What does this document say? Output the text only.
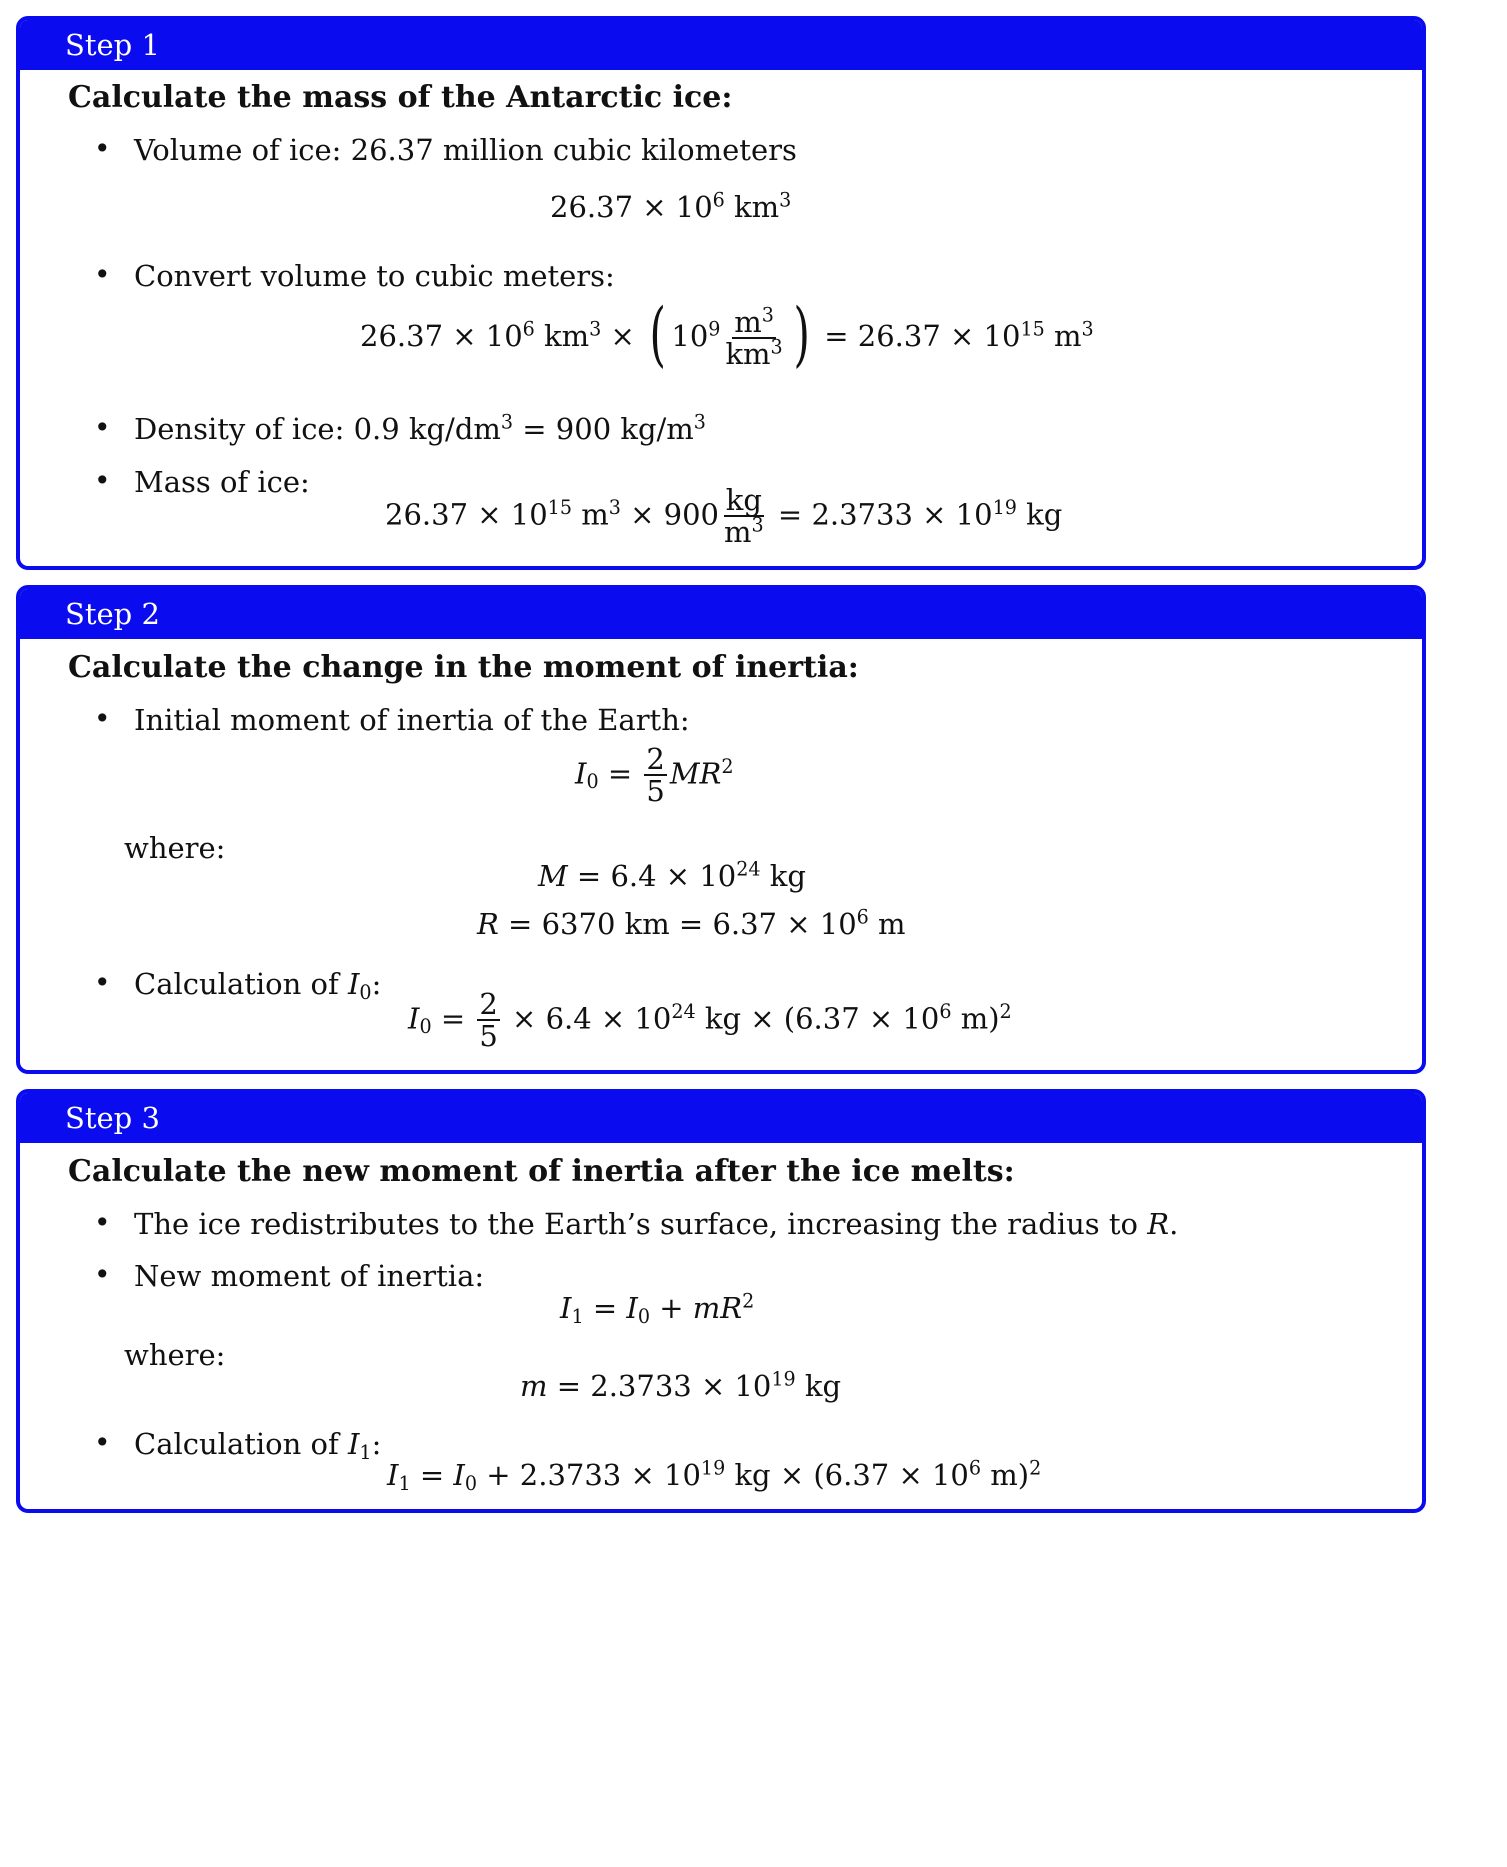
Step 1
Calculate the mass of the Antarctic ice:
• Volume of ice: 26.37 million cubic kilometers
$26.37 \times 10^6$ $km^3$
• Convert volume to cubic meters:
$26.37 \times 10^6$ $km^3$ × ( $10^9 \frac{m^3}{km^3}$ ) = $26.37 \times 10^{15}$ $m^3$
• Density of ice: 0.9 $kg/dm^3 = 900$ $kg/m^3$
• Mass of ice:
$26.37 \times 10^{15}$ $m^3 \times 900 \frac{kg}{m^3} = 2.3733 \times 10^{19}$ kg
Step 2
Calculate the change in the moment of inertia:
• Initial moment of inertia of the Earth:
$I_0 = \frac{2}{5} MR^2$
where:
$M = 6.4 \times 10^{24}$ kg
R = 6370 km = $6.37 \times 10^6$ m
• Calculation of $I_0$:
$I_0 = \frac{2}{5} \times 6.4 \times 10^{24}$ kg × ($6.37 \times 10^6$ m)$^2$
Step 3
Calculate the new moment of inertia after the ice melts:
• The ice redistributes to the Earth’s surface, increasing the radius to R.
• New moment of inertia:
$I_1 = I_0 + mR^2$
where:
$m = 2.3733 \times 10^{19}$ kg
• Calculation of $I_1$:
$I_1 = I_0 + 2.3733 \times 10^{19}$ kg × ($6.37 \times 10^6$ m)$^2$
